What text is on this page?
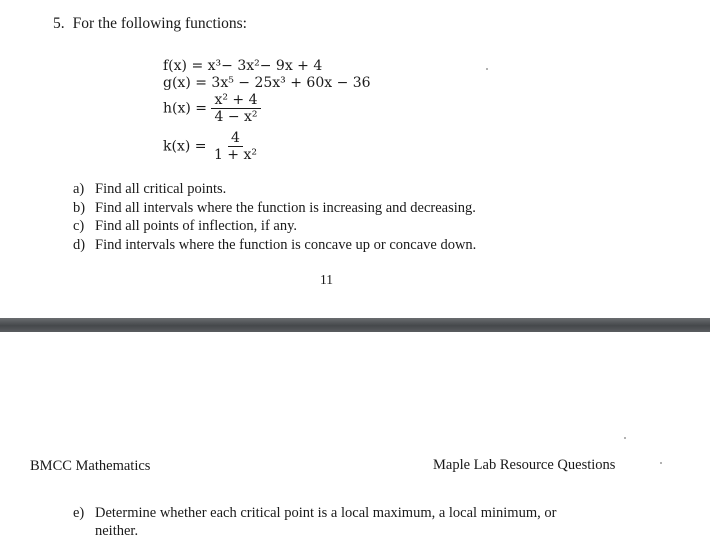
5. For the following functions:
f(x) = x³− 3x²− 9x + 4
g(x) = 3x⁵ − 25x³ + 60x − 36
$h(x) = \frac{\text{x² + 4}}{\text{4 − x²}}$
$k(x) = \frac{4}{\text{1 + x²}}$
a) Find all critical points.
b) Find all intervals where the function is increasing and decreasing.
c) Find all points of inflection, if any.
d) Find intervals where the function is concave up or concave down.
11
BMCC Mathematics	Maple Lab Resource Questions
e) Determine whether each critical point is a local maximum, a local minimum, or neither.
